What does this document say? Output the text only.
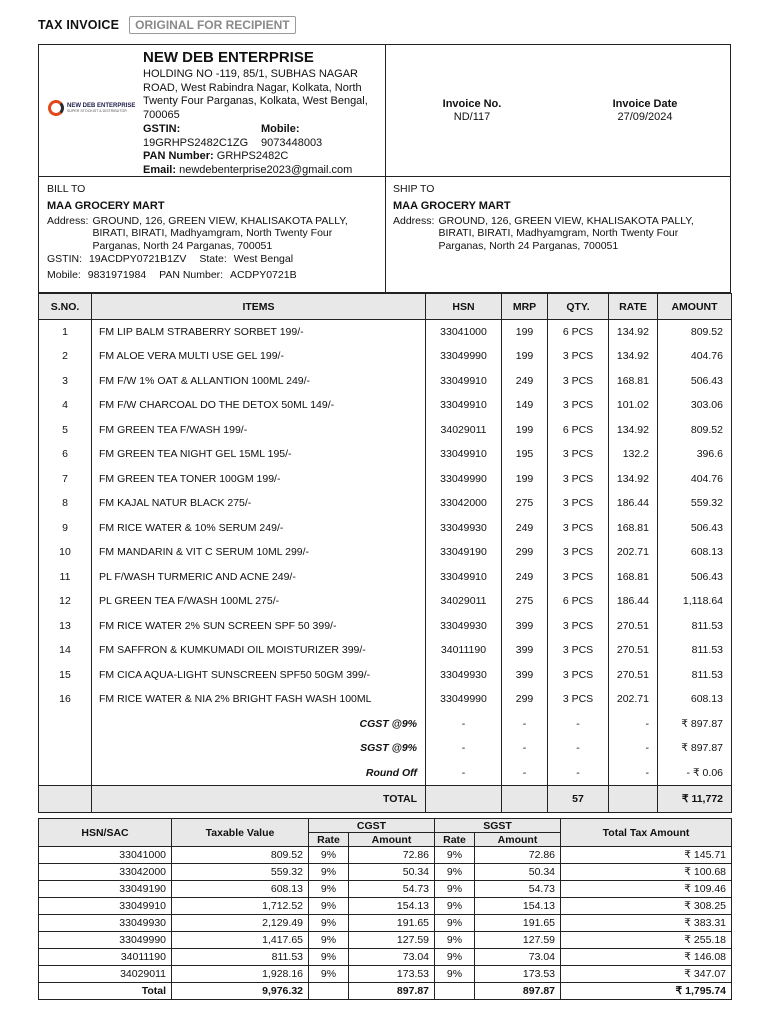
TAX INVOICE	ORIGINAL FOR RECIPIENT
NEW DEB ENTERPRISE
SUPER STOCKIST & DISTRIBUTOR
NEW DEB ENTERPRISE
HOLDING NO -119, 85/1, SUBHAS NAGAR ROAD, West Rabindra Nagar, Kolkata, North Twenty Four Parganas, Kolkata, West Bengal, 700065
GSTIN:
19GRHPS2482C1ZG
Mobile:
9073448003
PAN Number: GRHPS2482C
Email: newdebenterprise2023@gmail.com
Invoice No.
ND/117
Invoice Date
27/09/2024
BILL TO
MAA GROCERY MART
Address: GROUND, 126, GREEN VIEW, KHALISAKOTA PALLY, BIRATI, BIRATI, Madhyamgram, North Twenty Four Parganas, North 24 Parganas, 700051
GSTIN: 19ACDPY0721B1ZV State: West Bengal
Mobile: 9831971984 PAN Number: ACDPY0721B
SHIP TO
MAA GROCERY MART
Address: GROUND, 126, GREEN VIEW, KHALISAKOTA PALLY, BIRATI, BIRATI, Madhyamgram, North Twenty Four Parganas, North 24 Parganas, 700051
S.NO.	ITEMS	HSN	MRP	QTY.	RATE	AMOUNT
1	FM LIP BALM STRABERRY SORBET 199/-	33041000	199	6 PCS	134.92	809.52
2	FM ALOE VERA MULTI USE GEL 199/-	33049990	199	3 PCS	134.92	404.76
3	FM F/W 1% OAT & ALLANTION 100ML 249/-	33049910	249	3 PCS	168.81	506.43
4	FM F/W CHARCOAL DO THE DETOX 50ML 149/-	33049910	149	3 PCS	101.02	303.06
5	FM GREEN TEA F/WASH 199/-	34029011	199	6 PCS	134.92	809.52
6	FM GREEN TEA NIGHT GEL 15ML 195/-	33049910	195	3 PCS	132.2	396.6
7	FM GREEN TEA TONER 100GM 199/-	33049990	199	3 PCS	134.92	404.76
8	FM KAJAL NATUR BLACK 275/-	33042000	275	3 PCS	186.44	559.32
9	FM RICE WATER & 10% SERUM 249/-	33049930	249	3 PCS	168.81	506.43
10	FM MANDARIN & VIT C SERUM 10ML 299/-	33049190	299	3 PCS	202.71	608.13
11	PL F/WASH TURMERIC AND ACNE 249/-	33049910	249	3 PCS	168.81	506.43
12	PL GREEN TEA F/WASH 100ML 275/-	34029011	275	6 PCS	186.44	1,118.64
13	FM RICE WATER 2% SUN SCREEN SPF 50 399/-	33049930	399	3 PCS	270.51	811.53
14	FM SAFFRON & KUMKUMADI OIL MOISTURIZER 399/-	34011190	399	3 PCS	270.51	811.53
15	FM CICA AQUA-LIGHT SUNSCREEN SPF50 50GM 399/-	33049930	399	3 PCS	270.51	811.53
16	FM RICE WATER & NIA 2% BRIGHT FASH WASH 100ML	33049990	299	3 PCS	202.71	608.13
	CGST @9%	-	-	-	-	₹ 897.87
	SGST @9%	-	-	-	-	₹ 897.87
	Round Off	-	-	-	-	- ₹ 0.06
	TOTAL			57		₹ 11,772
HSN/SAC	Taxable Value	CGST		SGST		Total Tax Amount
		Rate	Amount	Rate	Amount	
33041000	809.52	9%	72.86	9%	72.86	₹ 145.71
33042000	559.32	9%	50.34	9%	50.34	₹ 100.68
33049190	608.13	9%	54.73	9%	54.73	₹ 109.46
33049910	1,712.52	9%	154.13	9%	154.13	₹ 308.25
33049930	2,129.49	9%	191.65	9%	191.65	₹ 383.31
33049990	1,417.65	9%	127.59	9%	127.59	₹ 255.18
34011190	811.53	9%	73.04	9%	73.04	₹ 146.08
34029011	1,928.16	9%	173.53	9%	173.53	₹ 347.07
Total	9,976.32		897.87		897.87	₹ 1,795.74
